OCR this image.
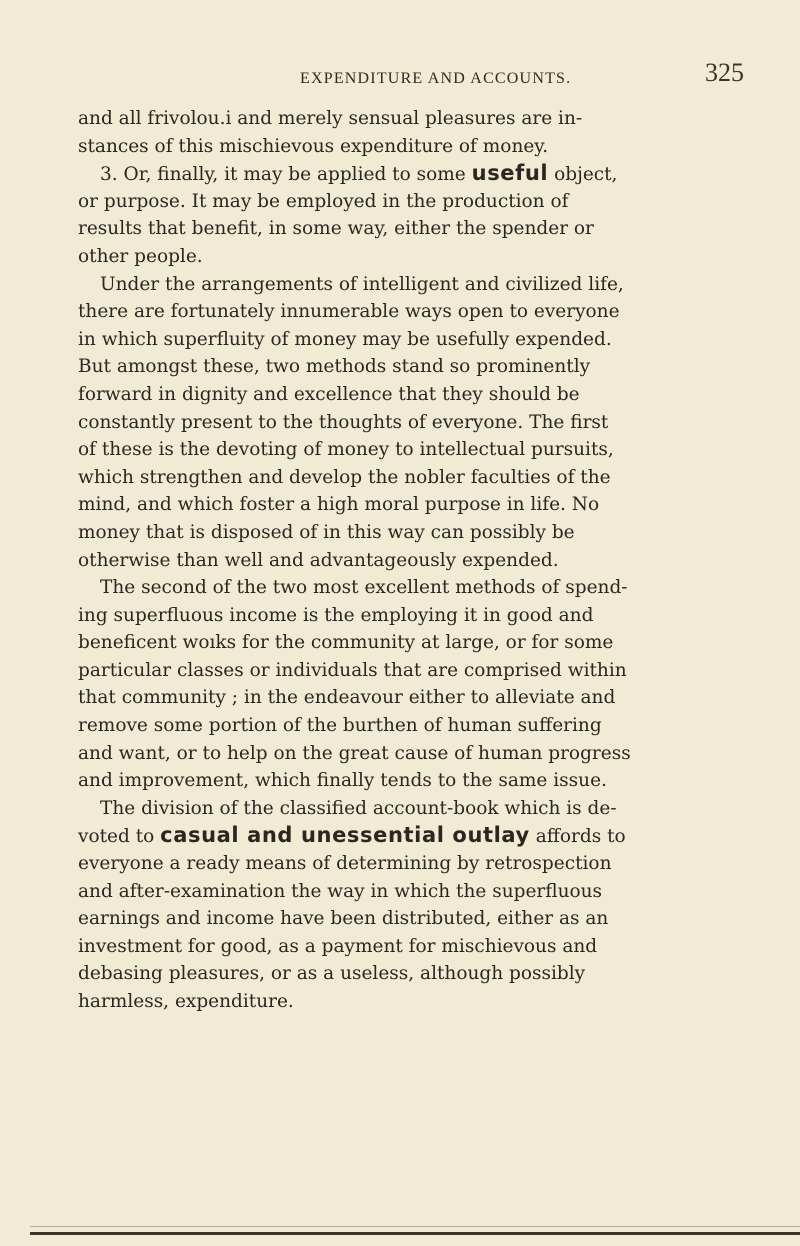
EXPENDITURE AND ACCOUNTS.	325
and all frivolou.і and merely sensual pleasures are in-
stances of this mischievous expenditure of money.
3. Or, finally, it may be applied to some useful object,
or purpose. It may be employed in the production of
results that benefit, in some way, either the spender or
other people.
Under the arrangements of intelligent and civilized life,
there are fortunately innumerable ways open to everyone
in which superfluity of money may be usefully expended.
But amongst these, two methods stand so prominently
forward in dignity and excellence that they should be
constantly present to the thoughts of everyone. The first
of these is the devoting of money to intellectual pursuits,
which strengthen and develop the nobler faculties of the
mind, and which foster a high moral purpose in life. No
money that is disposed of in this way can possibly be
otherwise than well and advantageously expended.
The second of the two most excellent methods of spend-
ing superfluous income is the employing it in good and
beneficent woıks for the community at large, or for some
particular classes or individuals that are comprised within
that community ; in the endeavour either to alleviate and
remove some portion of the burthen of human suffering
and want, or to help on the great cause of human progress
and improvement, which finally tends to the same issue.
The division of the classified account-book which is de-
voted to casual and unessential outlay affords to
everyone a ready means of determining by retrospection
and after-examination the way in which the superfluous
earnings and income have been distributed, either as an
investment for good, as a payment for mischievous and
debasing pleasures, or as a useless, although possibly
harmless, expenditure.
